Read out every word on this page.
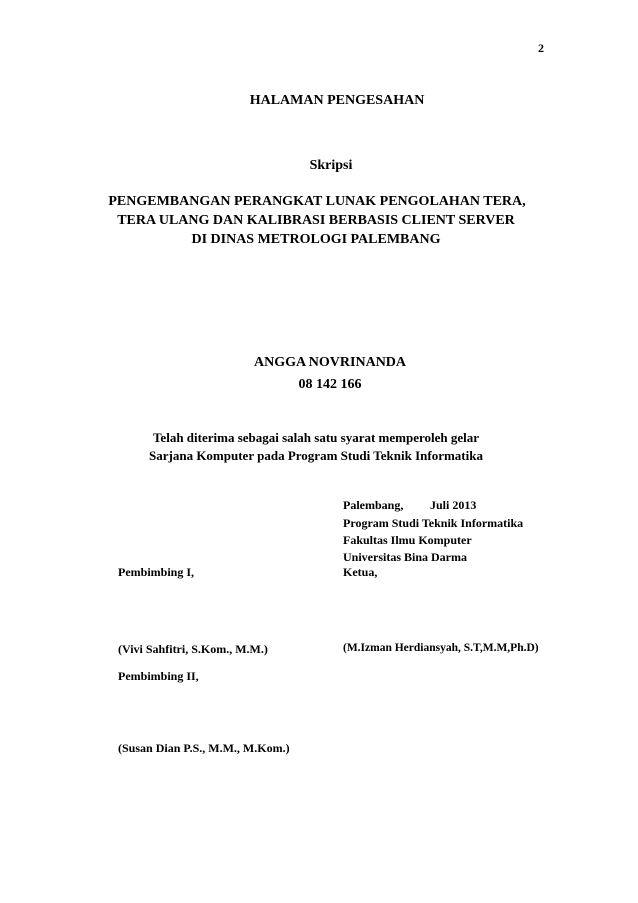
2
HALAMAN PENGESAHAN
Skripsi
PENGEMBANGAN PERANGKAT LUNAK PENGOLAHAN TERA,
TERA ULANG DAN KALIBRASI BERBASIS CLIENT SERVER
DI DINAS METROLOGI PALEMBANG
ANGGA NOVRINANDA
08 142 166
Telah diterima sebagai salah satu syarat memperoleh gelar
Sarjana Komputer pada Program Studi Teknik Informatika
Palembang, Juli 2013
Program Studi Teknik Informatika
Fakultas Ilmu Komputer
Universitas Bina Darma
Ketua,
(M.Izman Herdiansyah, S.T,M.M,Ph.D)
Pembimbing I,
(Vivi Sahfitri, S.Kom., M.M.)
Pembimbing II,
(Susan Dian P.S., M.M., M.Kom.)
